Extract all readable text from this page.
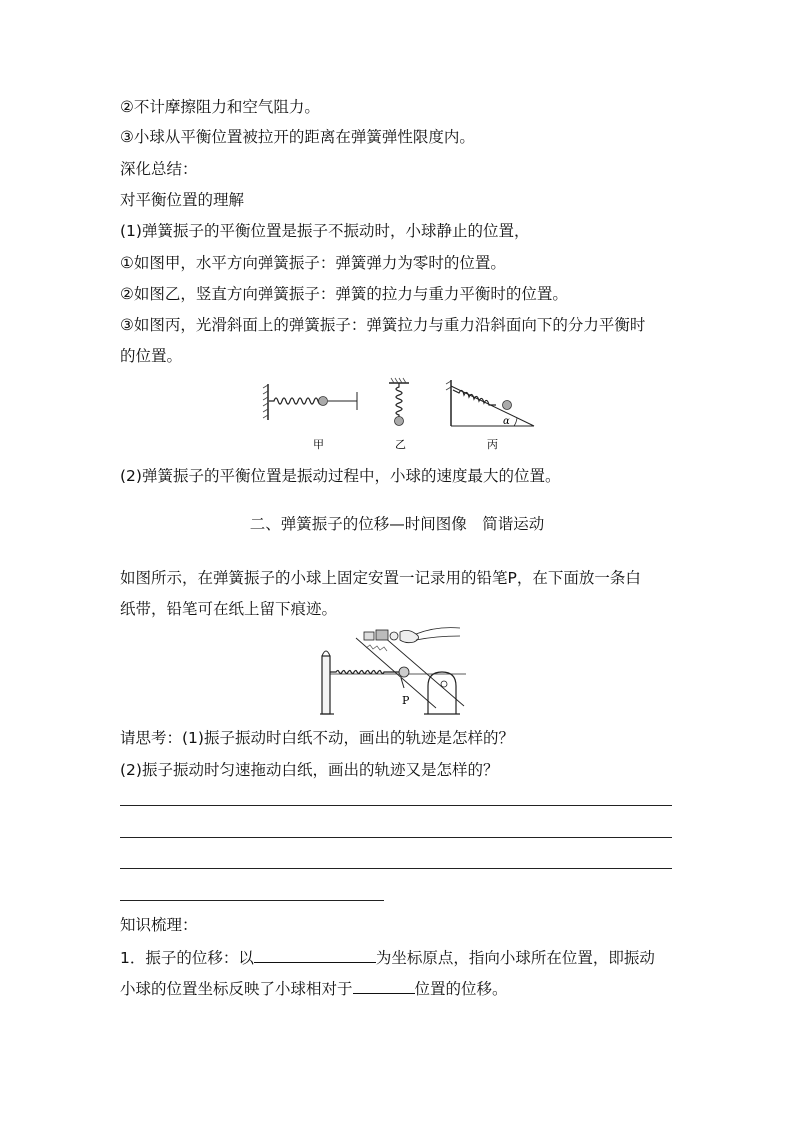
②不计摩擦阻力和空气阻力。
③小球从平衡位置被拉开的距离在弹簧弹性限度内。
深化总结：
对平衡位置的理解
(1)弹簧振子的平衡位置是振子不振动时，小球静止的位置，
①如图甲，水平方向弹簧振子：弹簧弹力为零时的位置。
②如图乙，竖直方向弹簧振子：弹簧的拉力与重力平衡时的位置。
③如图丙，光滑斜面上的弹簧振子：弹簧拉力与重力沿斜面向下的分力平衡时
的位置。
甲	乙
α
丙
(2)弹簧振子的平衡位置是振动过程中，小球的速度最大的位置。
二、弹簧振子的位移—时间图像　简谐运动
如图所示，在弹簧振子的小球上固定安置一记录用的铅笔P，在下面放一条白
纸带，铅笔可在纸上留下痕迹。
P
请思考：(1)振子振动时白纸不动，画出的轨迹是怎样的？
(2)振子振动时匀速拖动白纸，画出的轨迹又是怎样的？
知识梳理：
1．振子的位移：以	为坐标原点，指向小球所在位置，即振动
小球的位置坐标反映了小球相对于	位置的位移。
